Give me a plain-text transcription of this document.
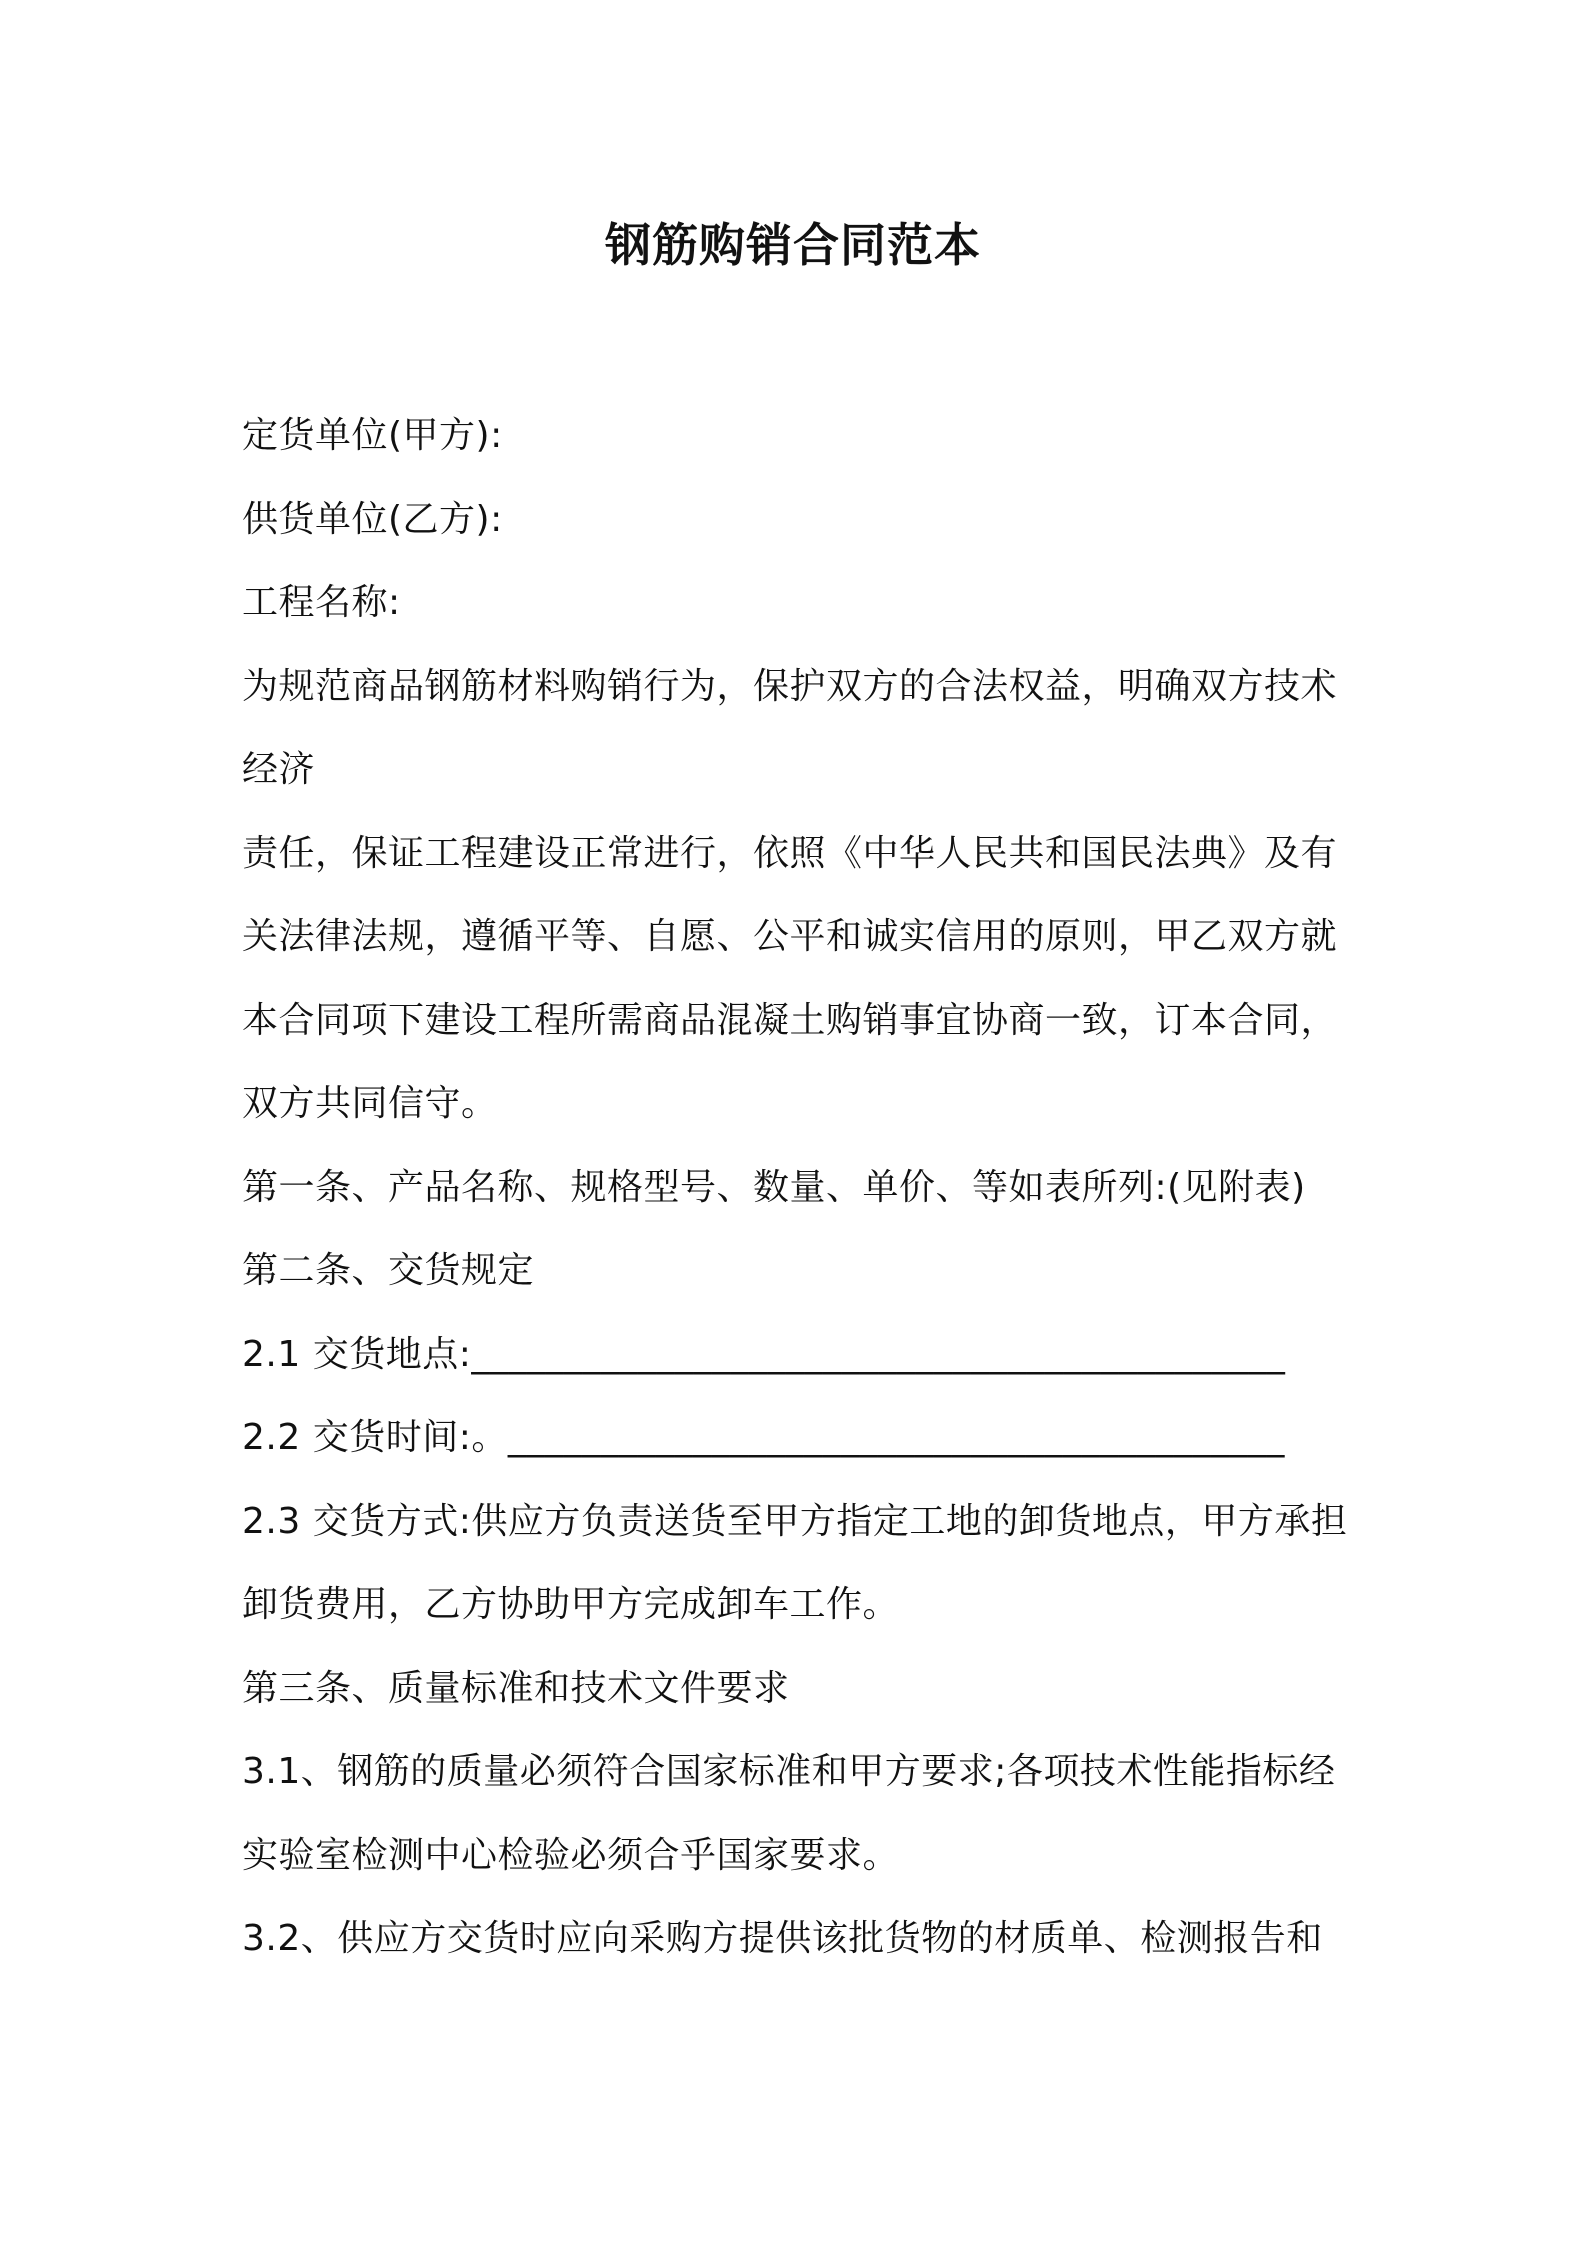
钢筋购销合同范本
定货单位(甲方):
供货单位(乙方):
工程名称:
为规范商品钢筋材料购销行为，保护双方的合法权益，明确双方技术
经济
责任，保证工程建设正常进行，依照《中华人民共和国民法典》及有
关法律法规，遵循平等、自愿、公平和诚实信用的原则，甲乙双方就
本合同项下建设工程所需商品混凝土购销事宜协商一致，订本合同，
双方共同信守。
第一条、产品名称、规格型号、数量、单价、等如表所列:(见附表)
第二条、交货规定
2.1 交货地点:____________________________________________
2.2 交货时间:。__________________________________________
2.3 交货方式:供应方负责送货至甲方指定工地的卸货地点，甲方承担
卸货费用，乙方协助甲方完成卸车工作。
第三条、质量标准和技术文件要求
3.1、钢筋的质量必须符合国家标准和甲方要求;各项技术性能指标经
实验室检测中心检验必须合乎国家要求。
3.2、供应方交货时应向采购方提供该批货物的材质单、检测报告和
